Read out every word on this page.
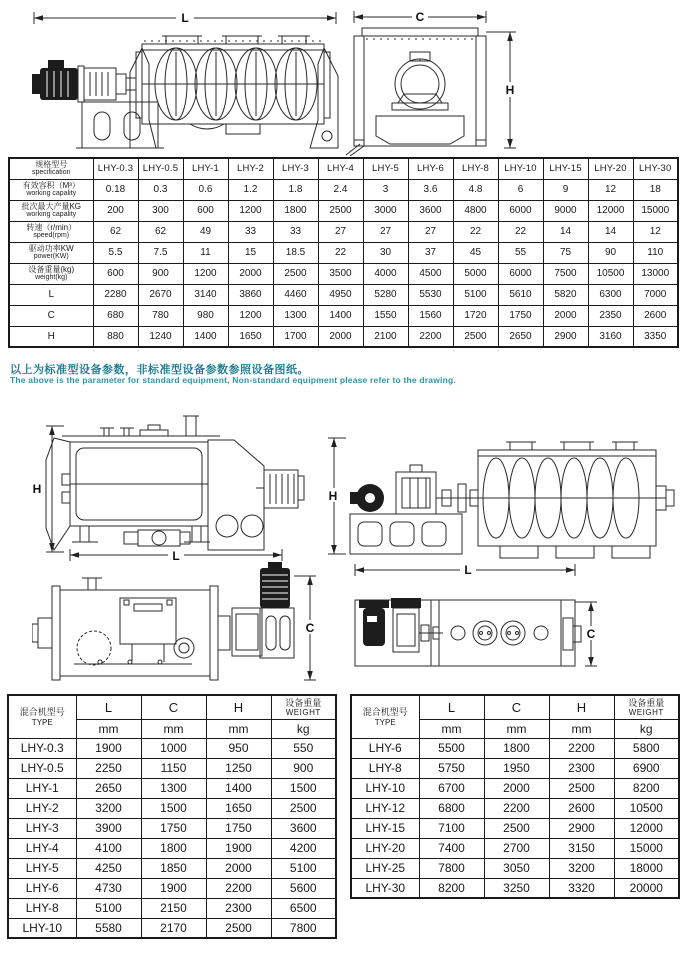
L	C
H
规格型号
specification	LHY-0.3	LHY-0.5	LHY-1	LHY-2	LHY-3	LHY-4	LHY-5	LHY-6	LHY-8	LHY-10	LHY-15	LHY-20	LHY-30

有效容积（M³）
working capality	0.18	0.3	0.6	1.2	1.8	2.4	3	3.6	4.8	6	9	12	18

批次最大产量KG
working capality	200	300	600	1200	1800	2500	3000	3600	4800	6000	9000	12000	15000

转速（r/min）
speed(rpm)	62	62	49	33	33	27	27	27	22	22	14	14	12

驱动功率KW
power(KW)	5.5	7.5	11	15	18.5	22	30	37	45	55	75	90	110

设备重量(kg)
weight(kg)	600	900	1200	2000	2500	3500	4000	4500	5000	6000	7500	10500	13000
L	2280	2670	3140	3860	4460	4950	5280	5530	5100	5610	5820	6300	7000
C	680	780	980	1200	1300	1400	1550	1560	1720	1750	2000	2350	2600
H	880	1240	1400	1650	1700	2000	2100	2200	2500	2650	2900	3160	3350
以上为标准型设备参数，非标准型设备参数参照设备图纸。
The above is the parameter for standard equipment, Non-standard equipment please refer to the drawing.
H
L
H
C
L
C
混合机型号
TYPE
	L	C	H	设备重量
WEIGHT

	mm	mm	mm	kg
LHY-0.3	1900	1000	950	550
LHY-0.5	2250	1150	1250	900
LHY-1	2650	1300	1400	1500
LHY-2	3200	1500	1650	2500
LHY-3	3900	1750	1750	3600
LHY-4	4100	1800	1900	4200
LHY-5	4250	1850	2000	5100
LHY-6	4730	1900	2200	5600
LHY-8	5100	2150	2300	6500
LHY-10	5580	2170	2500	7800
混合机型号
TYPE
	L	C	H	设备重量
WEIGHT

	mm	mm	mm	kg
LHY-6	5500	1800	2200	5800
LHY-8	5750	1950	2300	6900
LHY-10	6700	2000	2500	8200
LHY-12	6800	2200	2600	10500
LHY-15	7100	2500	2900	12000
LHY-20	7400	2700	3150	15000
LHY-25	7800	3050	3200	18000
LHY-30	8200	3250	3320	20000
